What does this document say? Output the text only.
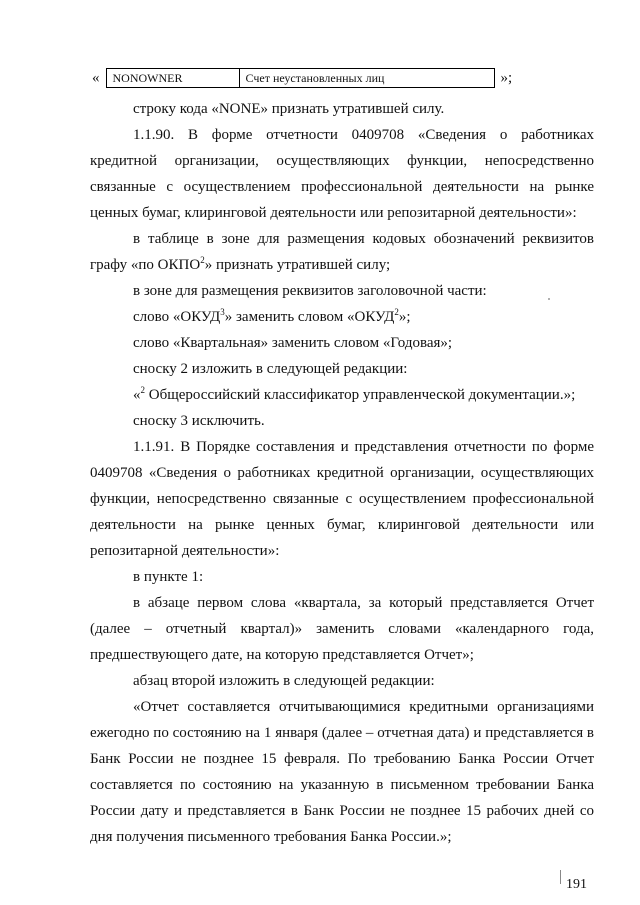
«	NONOWNER	Счет неустановленных лиц	»;

строку кода «NONE» признать утратившей силу.

1.1.90. В форме отчетности 0409708 «Сведения о работниках кредитной организации, осуществляющих функции, непосредственно связанные с осуществлением профессиональной деятельности на рынке ценных бумаг, клиринговой деятельности или репозитарной деятельности»:

в таблице в зоне для размещения кодовых обозначений реквизитов графу «по ОКПО$^2$» признать утратившей силу;

в зоне для размещения реквизитов заголовочной части:

слово «ОКУД$^3$» заменить словом «ОКУД$^2$»;

слово «Квартальная» заменить словом «Годовая»;

сноску 2 изложить в следующей редакции:

«$^2$ Общероссийский классификатор управленческой документации.»;

сноску 3 исключить.

1.1.91. В Порядке составления и представления отчетности по форме 0409708 «Сведения о работниках кредитной организации, осуществляющих функции, непосредственно связанные с осуществлением профессиональной деятельности на рынке ценных бумаг, клиринговой деятельности или репозитарной деятельности»:

в пункте 1:

в абзаце первом слова «квартала, за который представляется Отчет (далее – отчетный квартал)» заменить словами «календарного года, предшествующего дате, на которую представляется Отчет»;

абзац второй изложить в следующей редакции:

«Отчет составляется отчитывающимися кредитными организациями ежегодно по состоянию на 1 января (далее – отчетная дата) и представляется в Банк России не позднее 15 февраля. По требованию Банка России Отчет составляется по состоянию на указанную в письменном требовании Банка России дату и представляется в Банк России не позднее 15 рабочих дней со дня получения письменного требования Банка России.»;

191
